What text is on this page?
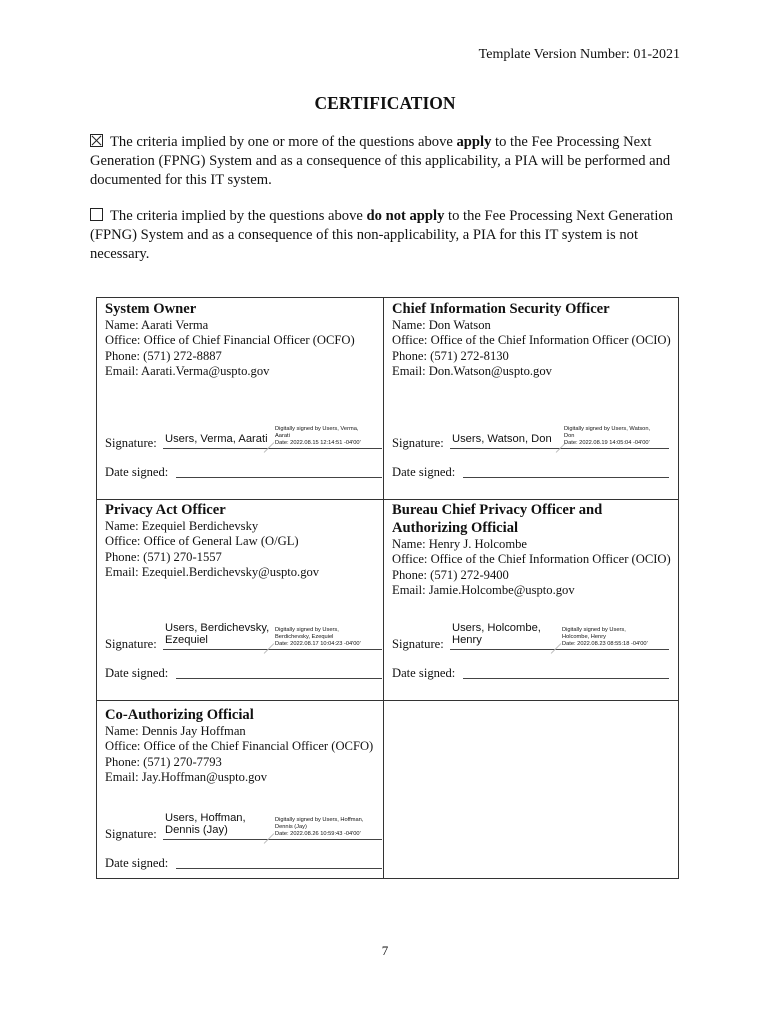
Template Version Number: 01-2021
CERTIFICATION
The criteria implied by one or more of the questions above apply to the Fee Processing Next Generation (FPNG) System and as a consequence of this applicability, a PIA will be performed and documented for this IT system.
The criteria implied by the questions above do not apply to the Fee Processing Next Generation (FPNG) System and as a consequence of this non-applicability, a PIA for this IT system is not necessary.
System Owner
Name: Aarati Verma
Office: Office of Chief Financial Officer (OCFO)
Phone: (571) 272-8887
Email: Aarati.Verma@uspto.gov
Signature: Users, Verma, Aarati
Digitally signed by Users, Verma,
Aarati
Date: 2022.08.15 12:14:51 -04'00'
Date signed:
Chief Information Security Officer
Name: Don Watson
Office: Office of the Chief Information Officer (OCIO)
Phone: (571) 272-8130
Email: Don.Watson@uspto.gov
Signature: Users, Watson, Don
Digitally signed by Users, Watson,
Don
Date: 2022.08.19 14:05:04 -04'00'
Date signed:
Privacy Act Officer
Name: Ezequiel Berdichevsky
Office: Office of General Law (O/GL)
Phone: (571) 270-1557
Email: Ezequiel.Berdichevsky@uspto.gov
Signature:
Users, Berdichevsky,
Ezequiel
Digitally signed by Users,
Berdichevsky, Ezequiel
Date: 2022.08.17 10:04:23 -04'00'
Date signed:
Bureau Chief Privacy Officer and
Authorizing Official
Name: Henry J. Holcombe
Office: Office of the Chief Information Officer (OCIO)
Phone: (571) 272-9400
Email: Jamie.Holcombe@uspto.gov
Signature:
Users, Holcombe,
Henry
Digitally signed by Users,
Holcombe, Henry
Date: 2022.08.23 08:55:18 -04'00'
Date signed:
Co-Authorizing Official
Name: Dennis Jay Hoffman
Office: Office of the Chief Financial Officer (OCFO)
Phone: (571) 270-7793
Email: Jay.Hoffman@uspto.gov
Signature:
Users, Hoffman,
Dennis (Jay)
Digitally signed by Users, Hoffman,
Dennis (Jay)
Date: 2022.08.26 10:59:43 -04'00'
Date signed:
7
